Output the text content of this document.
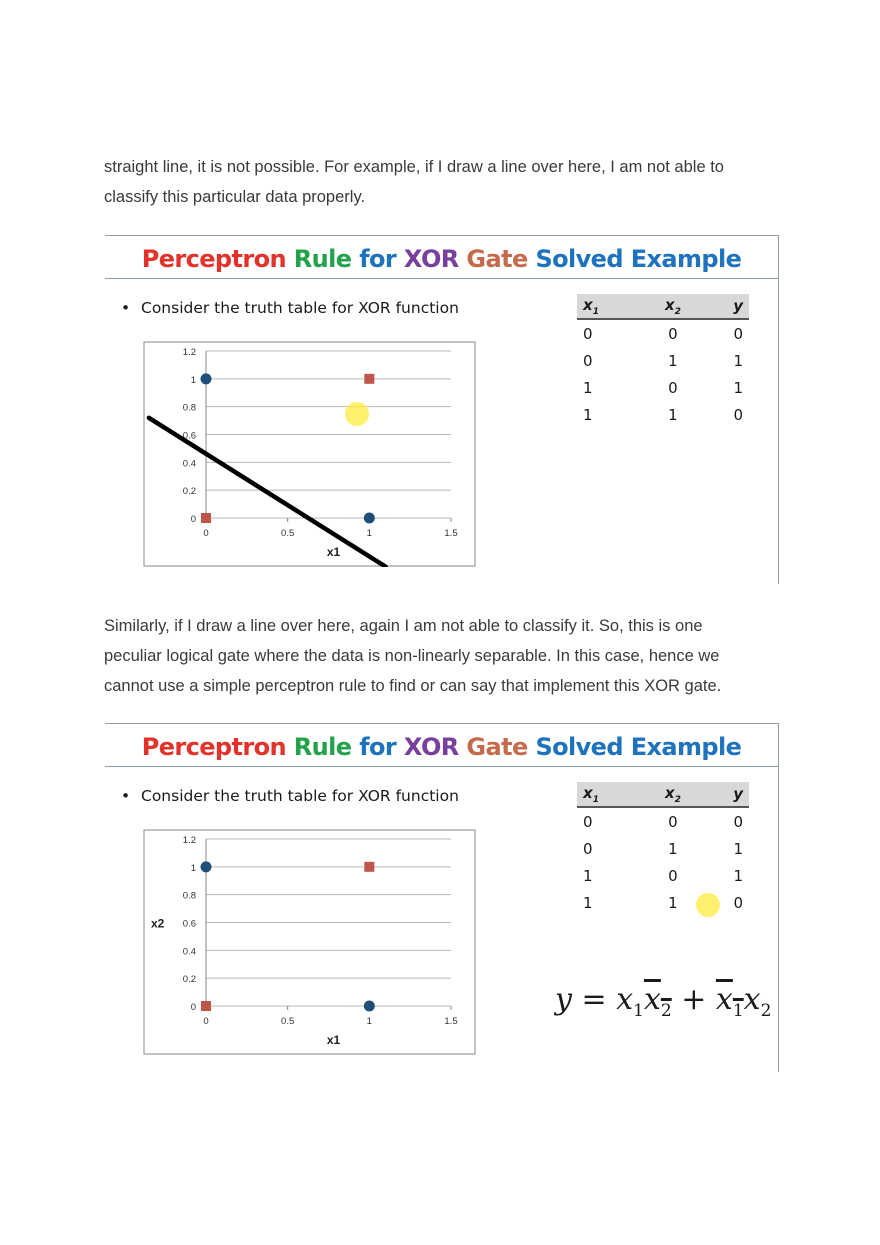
straight line, it is not possible. For example, if I draw a line over here, I am not able to
classify this particular data properly.
Perceptron Rule for XOR Gate Solved Example
• Consider the truth table for XOR function	$x_1$	$x_2$	y
0	0	0
0	1	1
1	0	1
1	1	0
0
0.2
0.4
0.6
0.8
1
1.2
0	0.5	1	1.5
x1
Similarly, if I draw a line over here, again I am not able to classify it. So, this is one
peculiar logical gate where the data is non-linearly separable. In this case, hence we
cannot use a simple perceptron rule to find or can say that implement this XOR gate.
Perceptron Rule for XOR Gate Solved Example
• Consider the truth table for XOR function	$x_1$	$x_2$	y
0	0	0
0	1	1
1	0	1
1	1	0
0
0.2
0.4
0.6
0.8
1
1.2
0	0.5	1	1.5
x1
x2
$y = x_1x_2 + x_1x_2$
